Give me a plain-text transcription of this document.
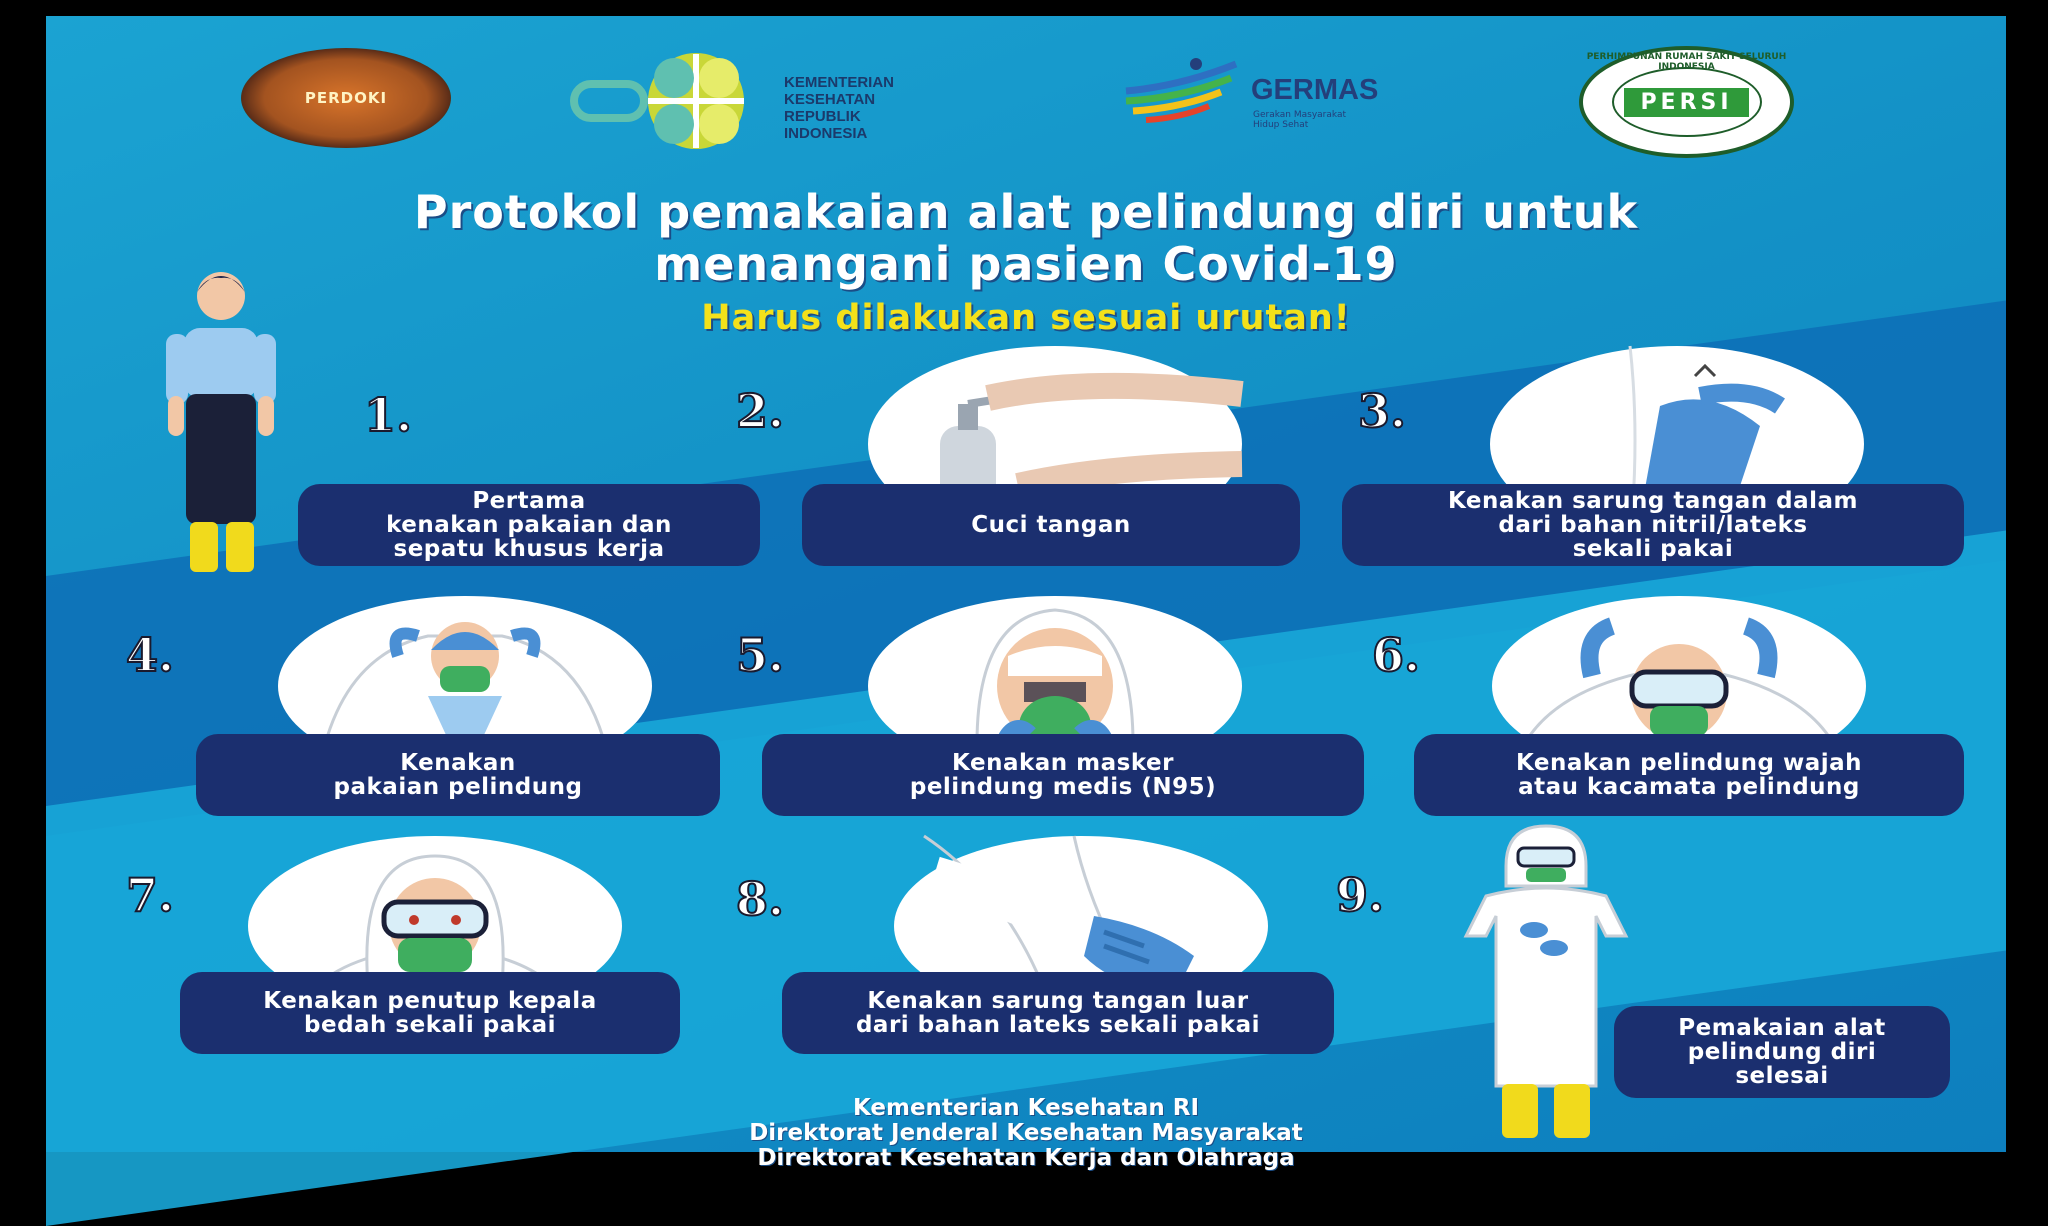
PERDOKI
KEMENTERIAN
KESEHATAN
REPUBLIK
INDONESIA
GERMAS
Gerakan Masyarakat
Hidup Sehat
PERHIMPUNAN RUMAH SAKIT SELURUH INDONESIA
PERSI
Protokol pemakaian alat pelindung diri untuk
menangani pasien Covid-19
Harus dilakukan sesuai urutan!
1.
Pertama
kenakan pakaian dan
sepatu khusus kerja
2.
Cuci tangan
3.
Kenakan sarung tangan dalam
dari bahan nitril/lateks
sekali pakai
4.
Kenakan
pakaian pelindung
5.
Kenakan masker
pelindung medis (N95)
6.
Kenakan pelindung wajah
atau kacamata pelindung
7.
Kenakan penutup kepala
bedah sekali pakai
8.
Kenakan sarung tangan luar
dari bahan lateks sekali pakai
9.
Pemakaian alat
pelindung diri
selesai
Kementerian Kesehatan RI
Direktorat Jenderal Kesehatan Masyarakat
Direktorat Kesehatan Kerja dan Olahraga
